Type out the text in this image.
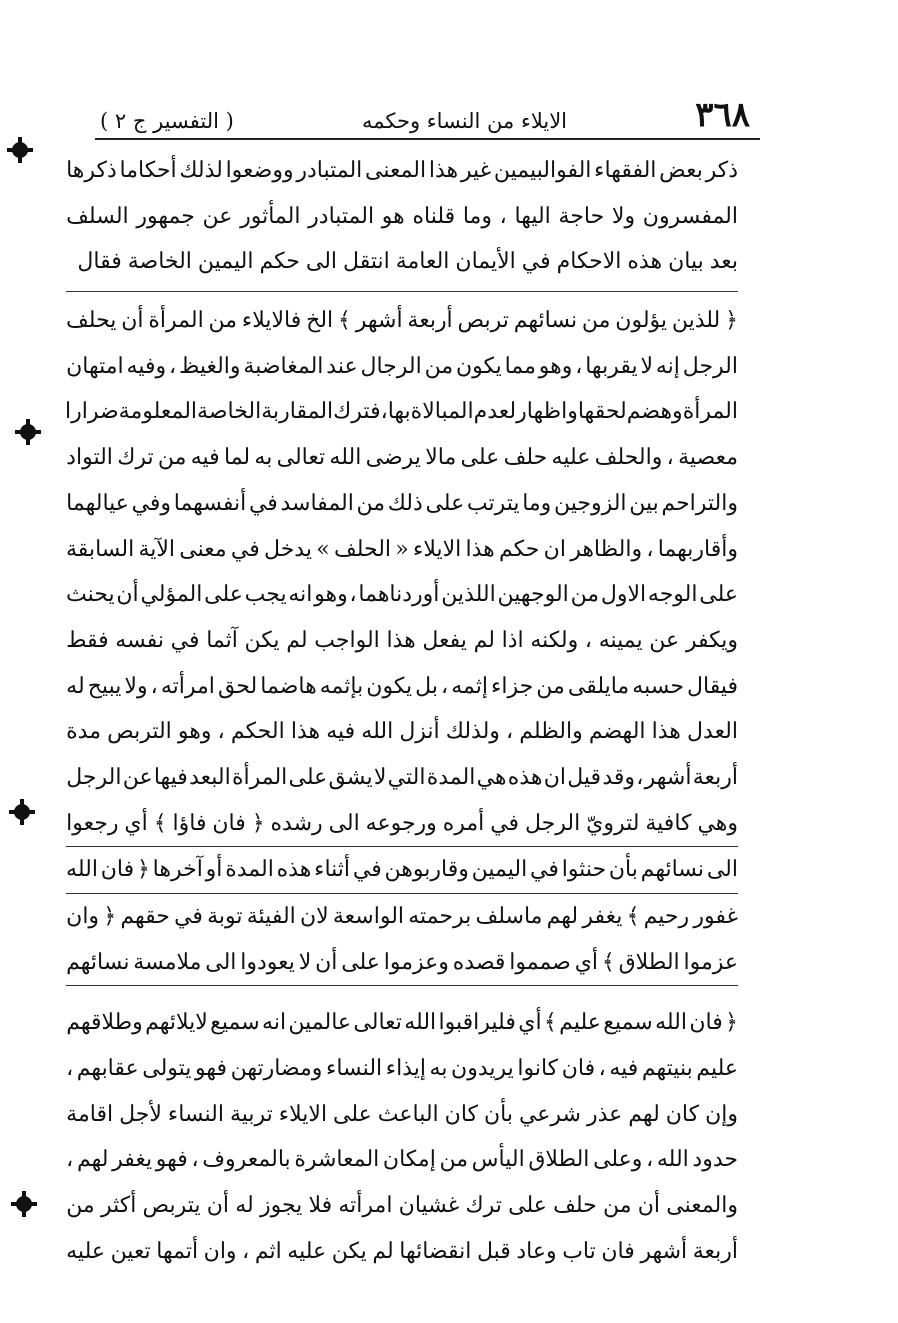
٣٦٨
الايلاء من النساء وحكمه
( التفسير ج ٢ )
ذكر
بعض
الفقهاء
الفوالبيمين
غير
هذا
المعنى
المتبادر
ووضعوا
لذلك
أحكاما
ذكرها
المفسرون
ولا
حاجة
اليها
،
وما
قلناه
هو
المتبادر
المأثور
عن
جمهور
السلف
بعد
بيان
هذه
الاحكام
في
الأيمان
العامة
انتقل
الى
حكم
اليمين
الخاصة
فقال
﴿
للذين
يؤلون
من
نسائهم
تربص
أربعة
أشهر
﴾
الخ
فالايلاء
من
المرأة
أن
يحلف
الرجل
إنه
لا
يقربها
،
وهو
مما
يكون
من
الرجال
عند
المغاضبة
والغيظ
،
وفيه
امتهان
المرأة
وهضم
لحقها
واظهار
لعدم
المبالاة
بها
،
فترك
المقاربة
الخاصة
المعلومة
ضرارا
معصية
،
والحلف
عليه
حلف
على
مالا
يرضى
الله
تعالى
به
لما
فيه
من
ترك
التواد
والتراحم
بين
الزوجين
وما
يترتب
على
ذلك
من
المفاسد
في
أنفسهما
وفي
عيالهما
وأقاربهما
،
والظاهر
ان
حكم
هذا
الايلاء
«
الحلف
»
يدخل
في
معنى
الآية
السابقة
على
الوجه
الاول
من
الوجهين
اللذين
أوردناهما
،
وهو
انه
يجب
على
المؤلي
أن
يحنث
ويكفر
عن
يمينه
،
ولكنه
اذا
لم
يفعل
هذا
الواجب
لم
يكن
آثما
في
نفسه
فقط
فيقال
حسبه
مايلقى
من
جزاء
إثمه
،
بل
يكون
بإثمه
هاضما
لحق
امرأته
،
ولا
يبيح
له
العدل
هذا
الهضم
والظلم
،
ولذلك
أنزل
الله
فيه
هذا
الحكم
،
وهو
التربص
مدة
أربعة
أشهر
،
وقد
قيل
ان
هذه
هي
المدة
التي
لا
يشق
على
المرأة
البعد
فيها
عن
الرجل
وهي
كافية
لترويّ
الرجل
في
أمره
ورجوعه
الى
رشده
﴿
فان
فاؤا
﴾
أي
رجعوا
الى
نسائهم
بأن
حنثوا
في
اليمين
وقاربوهن
في
أثناء
هذه
المدة
أو
آخرها
﴿
فان
الله
غفور
رحيم
﴾
يغفر
لهم
ماسلف
برحمته
الواسعة
لان
الفيئة
توبة
في
حقهم
﴿
وان
عزموا
الطلاق
﴾
أي
صمموا
قصده
وعزموا
على
أن
لا
يعودوا
الى
ملامسة
نسائهم
﴿
فان
الله
سميع
عليم
﴾
أي
فليراقبوا
الله
تعالى
عالمين
انه
سميع
لايلائهم
وطلاقهم
عليم
بنيتهم
فيه
،
فان
كانوا
يريدون
به
إيذاء
النساء
ومضارتهن
فهو
يتولى
عقابهم
،
وإن
كان
لهم
عذر
شرعي
بأن
كان
الباعث
على
الايلاء
تربية
النساء
لأجل
اقامة
حدود
الله
،
وعلى
الطلاق
اليأس
من
إمكان
المعاشرة
بالمعروف
،
فهو
يغفر
لهم
،
والمعنى
أن
من
حلف
على
ترك
غشيان
امرأته
فلا
يجوز
له
أن
يتربص
أكثر
من
أربعة
أشهر
فان
تاب
وعاد
قبل
انقضائها
لم
يكن
عليه
اثم
،
وان
أتمها
تعين
عليه
